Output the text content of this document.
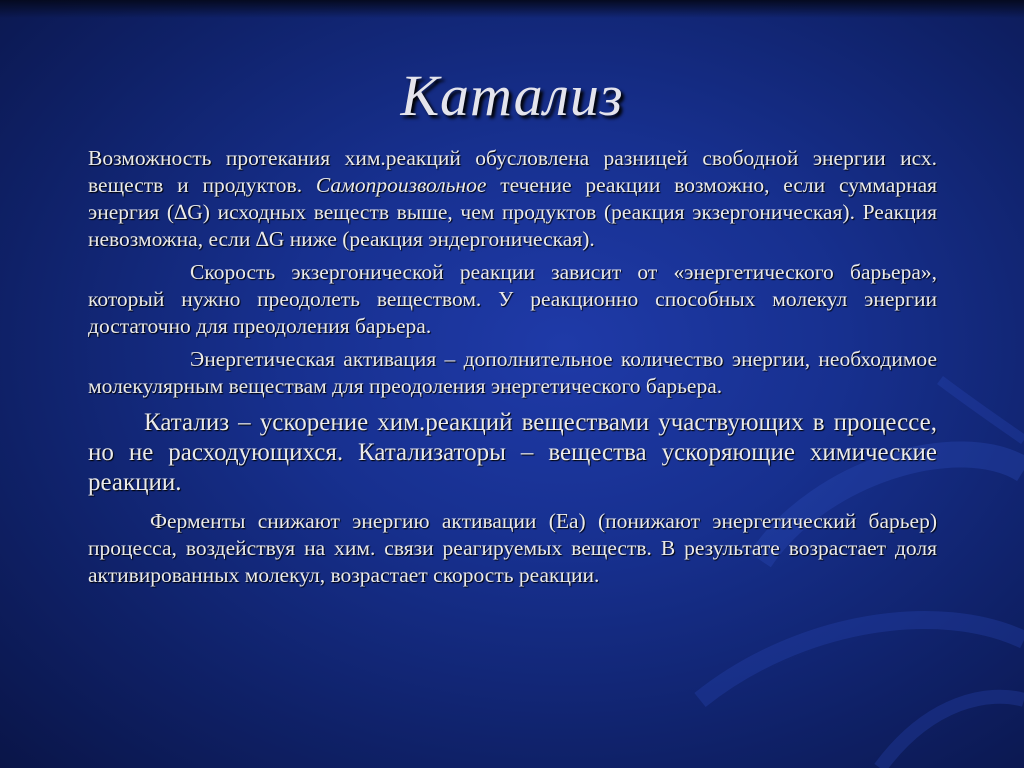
Катализ

Возможность протекания хим.реакций обусловлена разницей свободной энергии исх. веществ и продуктов. Самопроизвольное течение реакции возможно, если суммарная энергия (∆G) исходных веществ выше, чем продуктов (реакция экзергоническая). Реакция невозможна, если ∆G ниже (реакция эндергоническая).

Скорость экзергонической реакции зависит от «энергетического барьера», который нужно преодолеть веществом. У реакционно способных молекул энергии достаточно для преодоления барьера.

Энергетическая активация – дополнительное количество энергии, необходимое молекулярным веществам для преодоления энергетического барьера.

Катализ – ускорение хим.реакций веществами участвующих в процессе, но не расходующихся. Катализаторы – вещества ускоряющие химические реакции.

Ферменты снижают энергию активации (Еа) (понижают энергетический барьер) процесса, воздействуя на хим. связи реагируемых веществ. В результате возрастает доля активированных молекул, возрастает скорость реакции.
